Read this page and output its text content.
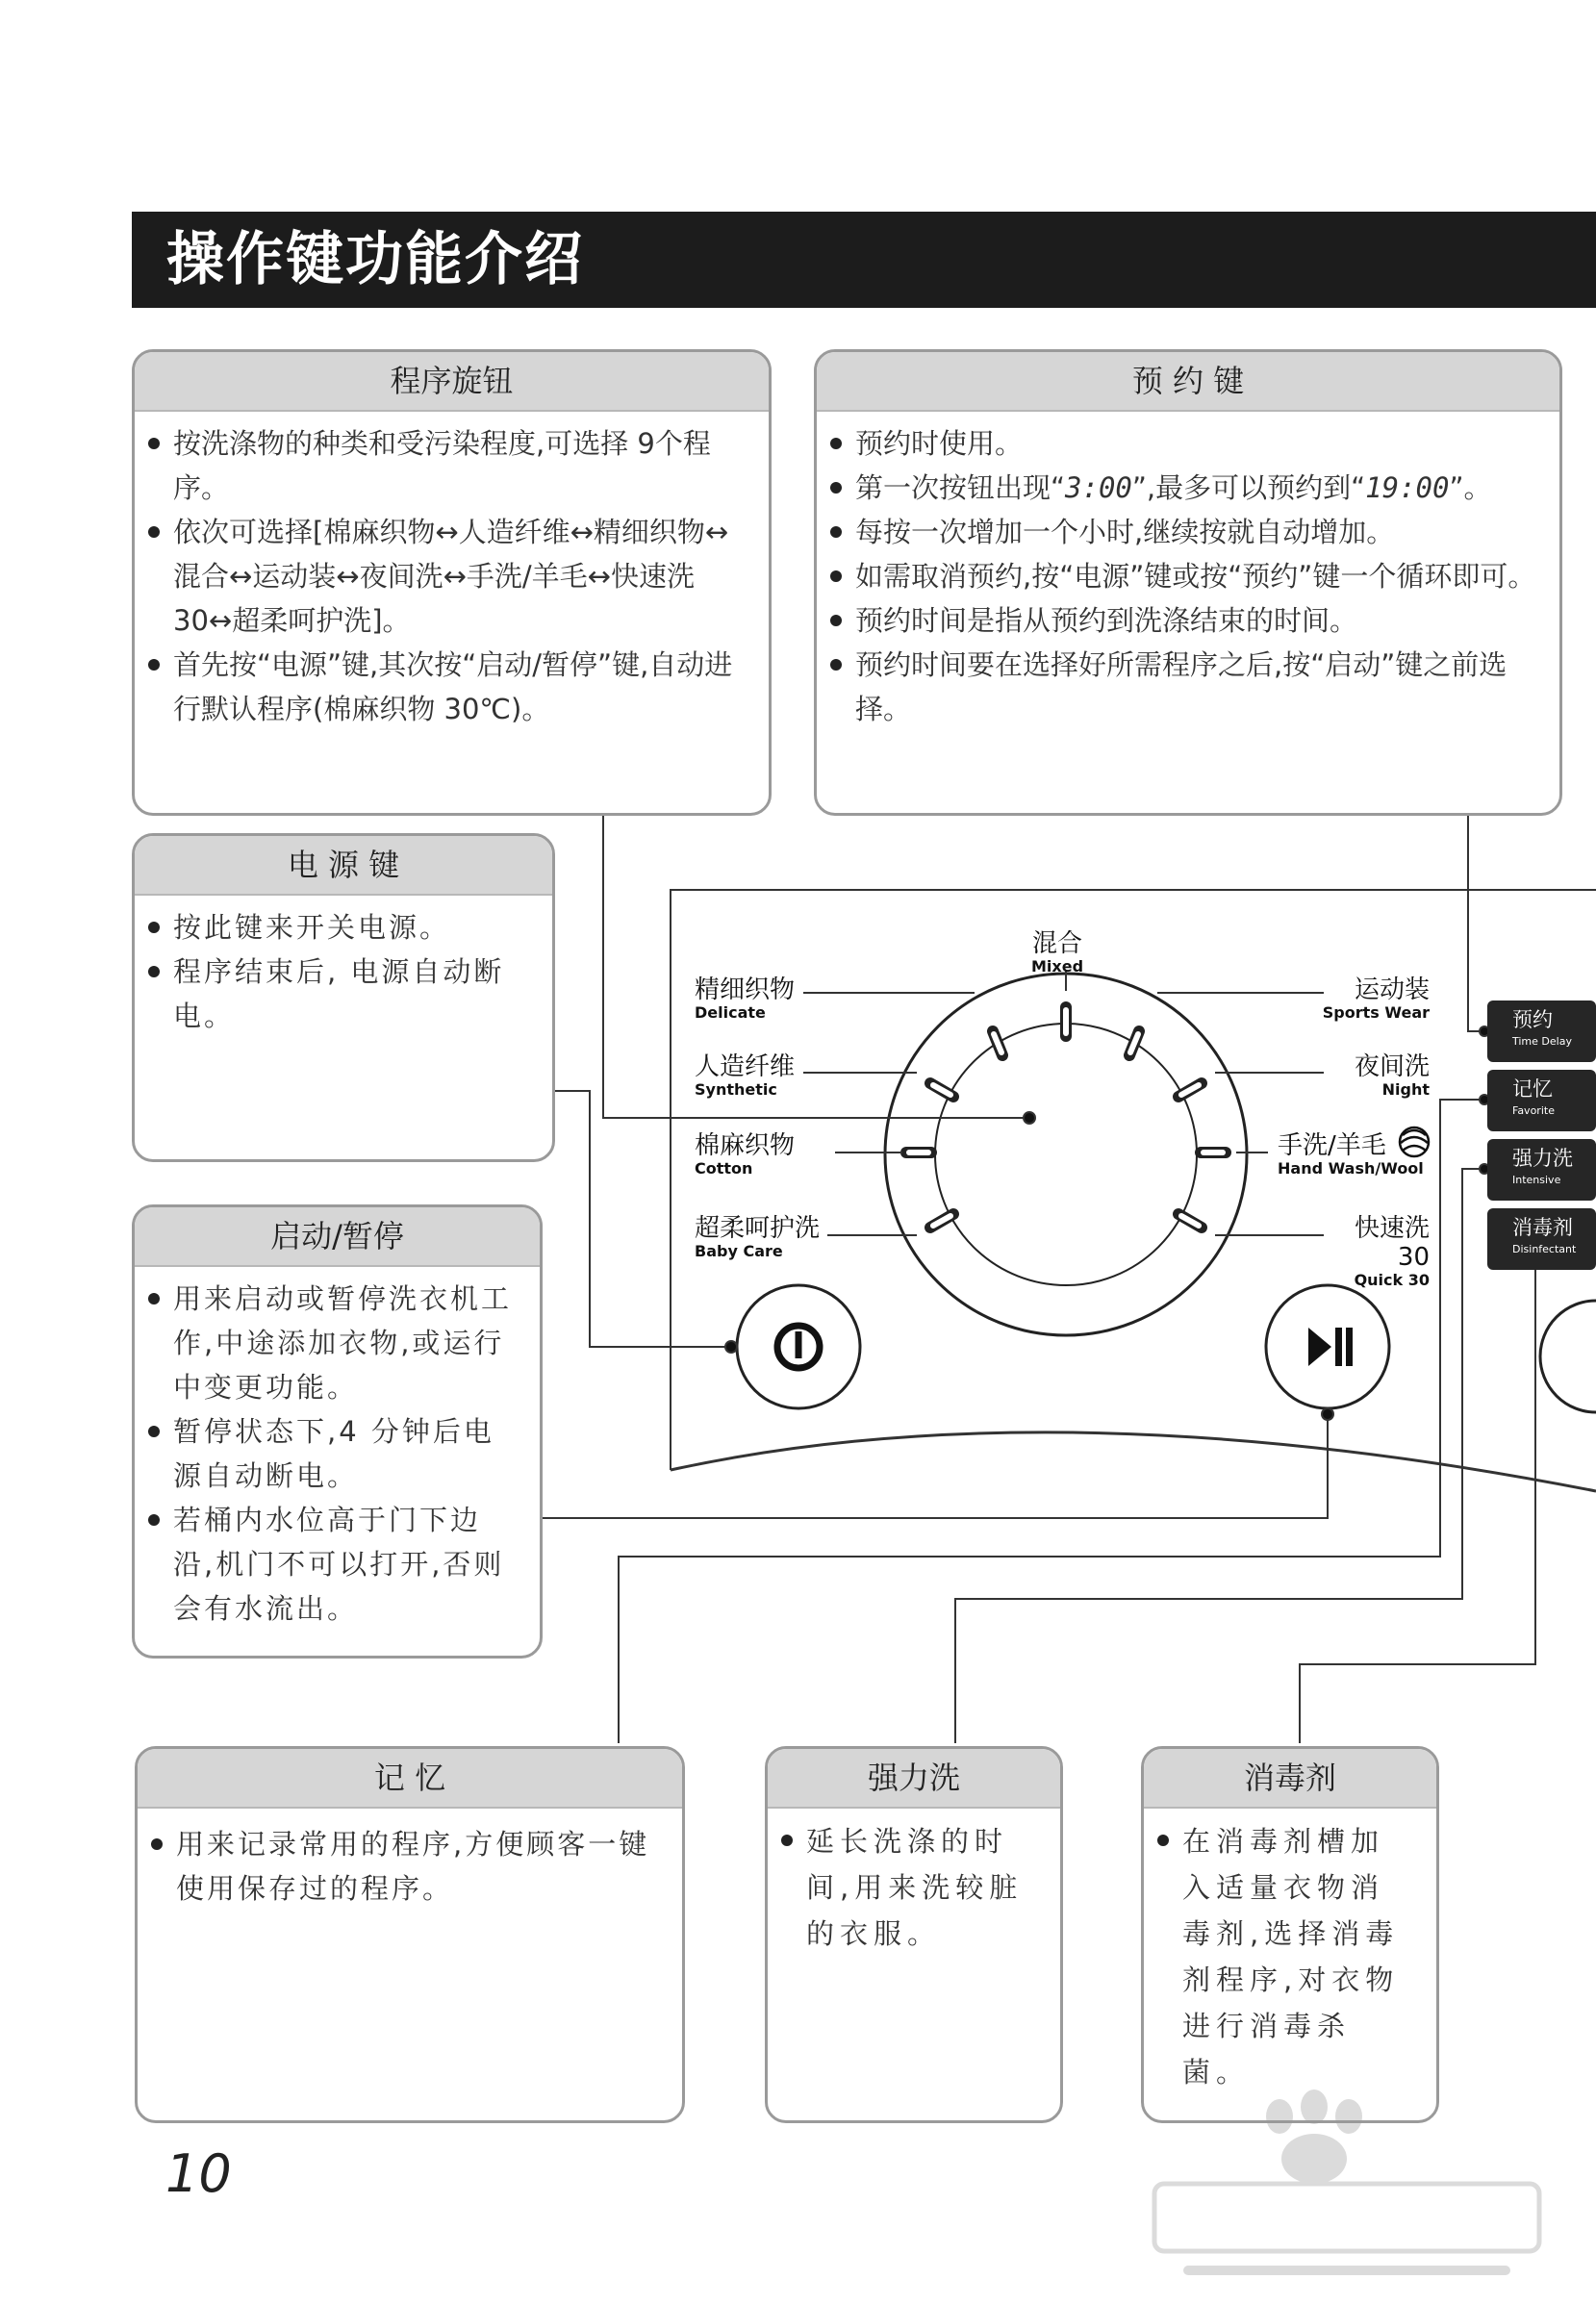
操作键功能介绍
混合
Mixed
精细织物
Delicate
人造纤维
Synthetic
棉麻织物
Cotton
超柔呵护洗
Baby Care
运动装
Sports Wear
夜间洗
Night
手洗/羊毛
Hand Wash/Wool
快速洗30
Quick 30
预约
Time Delay
记忆
Favorite
强力洗
Intensive
消毒剂
Disinfectant
程序旋钮
按洗涤物的种类和受污染程度,可选择 9个程序。
依次可选择[棉麻织物↔人造纤维↔精细织物↔混合↔运动装↔夜间洗↔手洗/羊毛↔快速洗 30↔超柔呵护洗]。
首先按“电源”键,其次按“启动/暂停”键,自动进行默认程序(棉麻织物 30℃)。
预 约 键
预约时使用。
第一次按钮出现“3:00”,最多可以预约到“19:00”。
每按一次增加一个小时,继续按就自动增加。
如需取消预约,按“电源”键或按“预约”键一个循环即可。
预约时间是指从预约到洗涤结束的时间。
预约时间要在选择好所需程序之后,按“启动”键之前选择。
电 源 键
按此键来开关电源。
程序结束后, 电源自动断电。
启动/暂停
用来启动或暂停洗衣机工作,中途添加衣物,或运行中变更功能。
暂停状态下,4 分钟后电源自动断电。
若桶内水位高于门下边沿,机门不可以打开,否则会有水流出。
记 忆
用来记录常用的程序,方便顾客一键使用保存过的程序。
强力洗
延长洗涤的时间,用来洗较脏的衣服。
消毒剂
在消毒剂槽加入适量衣物消毒剂,选择消毒剂程序,对衣物进行消毒杀菌。
10
